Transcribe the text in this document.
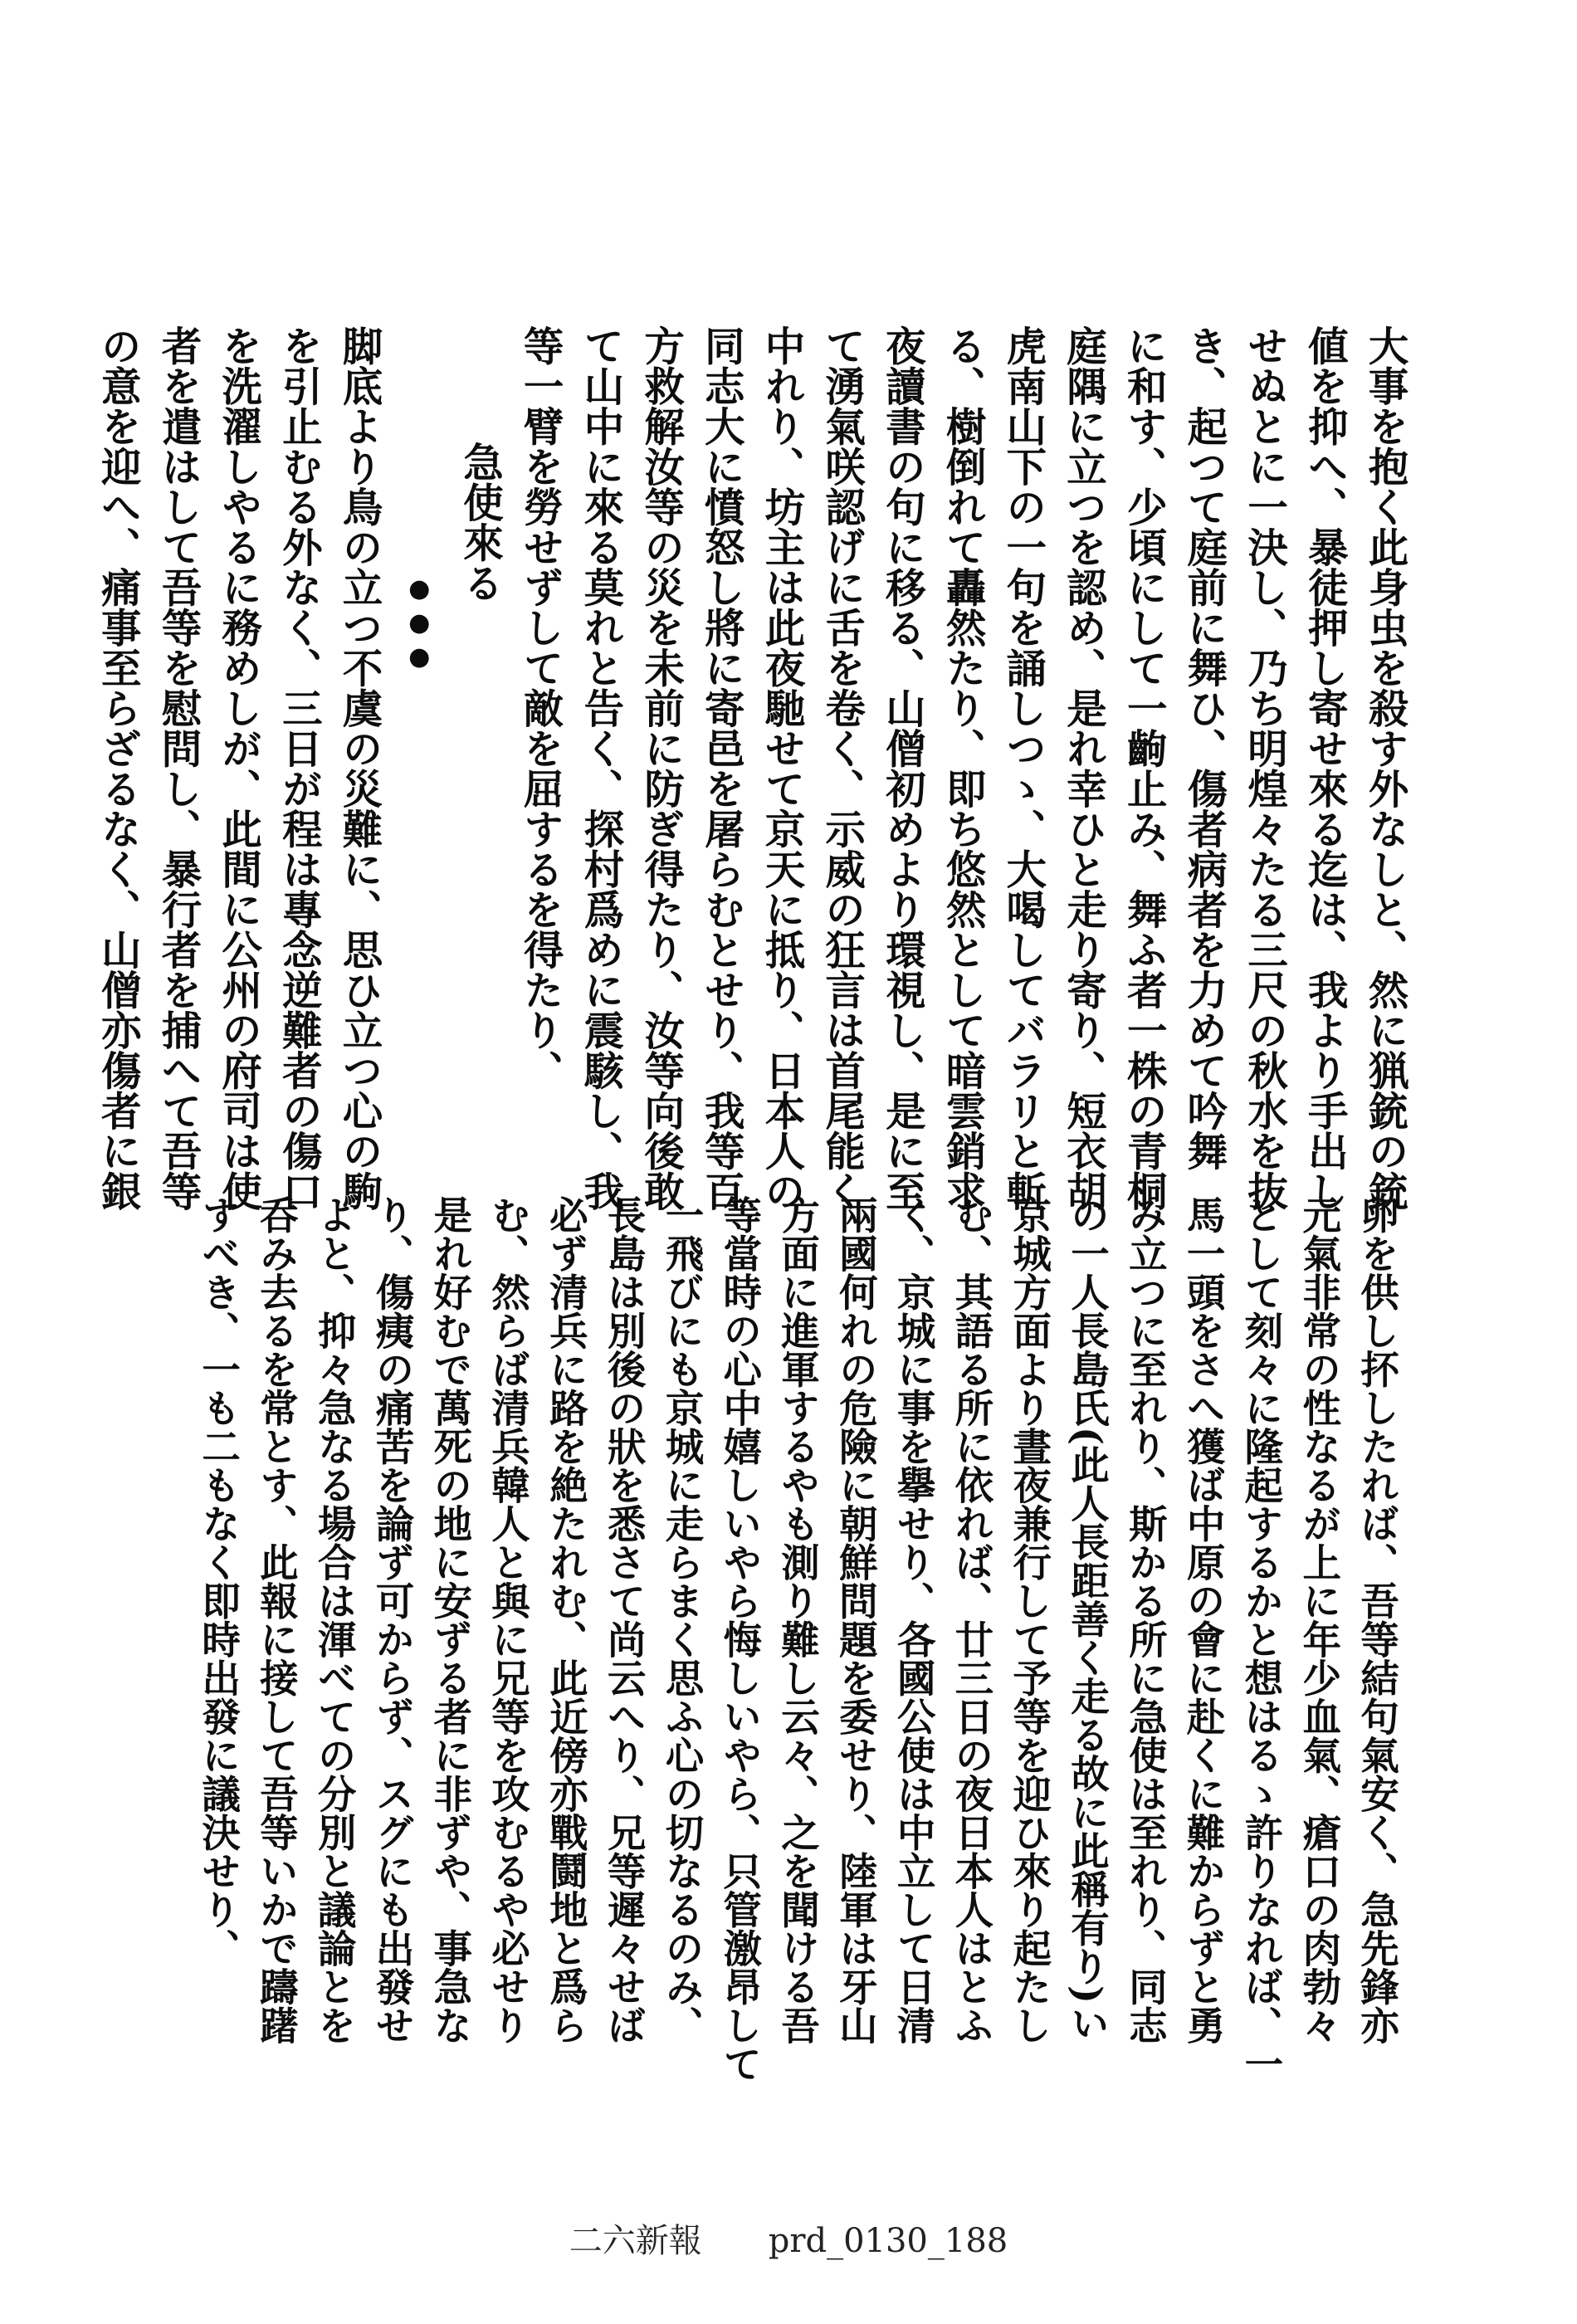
大事を抱く此身虫を殺す外なしと、然に猟銃の銃
値を抑へ、暴徒押し寄せ來る迄は、我より手出し
せぬとに一決し、乃ち明煌々たる三尺の秋水を抜
き、起つて庭前に舞ひ、傷者病者を力めて吟舞
に和す、少頃にして一齣止み、舞ふ者一株の青桐
庭隅に立つを認め、是れ幸ひと走り寄り、短衣胡
虎南山下の一句を誦しつゝ、大喝してバラリと斬
る、樹倒れて轟然たり、即ち悠然として暗雲銷求
夜讀書の句に移る、山僧初めより環視し、是に至
て湧氣咲認げに舌を卷く、示威の狂言は首尾能く
中れり、坊主は此夜馳せて京天に抵り、日本人の
同志大に憤怒し將に寄邑を屠らむとせり、我等百
方救解汝等の災を未前に防ぎ得たり、汝等向後敢
て山中に來る莫れと告く、探村爲めに震駭し、我
等一臂を勞せずして敵を屈するを得たり、
急使來る
●●●
脚底より鳥の立つ不虞の災難に、思ひ立つ心の駒
を引止むる外なく、三日が程は專念逆難者の傷口
を洗濯しやるに務めしが、此間に公州の府司は使
者を遣はして吾等を慰問し、暴行者を捕へて吾等
の意を迎へ、痛事至らざるなく、山僧亦傷者に銀
卵を供し抔したれば、吾等結句氣安く、急先鋒亦
元氣非常の性なるが上に年少血氣、瘡口の肉勃々
として刻々に隆起するかと想はるゝ許りなれば、一
馬一頭をさへ獲ば中原の會に赴くに難からずと勇
み立つに至れり、斯かる所に急使は至れり、同志
の一人長島氏(此人長距善く走る故に此稱有り)い
京城方面より晝夜兼行して予等を迎ひ來り起たし
む、其語る所に依れば、廿三日の夜日本人はとふ
く、京城に事を擧せり、各國公使は中立して日清
兩國何れの危險に朝鮮問題を委せり、陸軍は牙山
方面に進軍するやも測り難し云々、之を聞ける吾
等當時の心中嬉しいやら悔しいやら、只管激昂して
一飛びにも京城に走らまく思ふ心の切なるのみ、
長島は別後の狀を悉さて尚云へり、兄等遲々せば
必ず清兵に路を絶たれむ、此近傍亦戰鬪地と爲ら
む、然らば清兵韓人と與に兄等を攻むるや必せり
是れ好むで萬死の地に安ずる者に非ずや、事急な
り、傷痍の痛苦を論ず可からず、スグにも出發せ
よと、抑々急なる場合は渾べての分別と議論とを
呑み去るを常とす、此報に接して吾等いかで躊躇
すべき、一も二もなく即時出發に議決せり、
二六新報 prd_0130_188
